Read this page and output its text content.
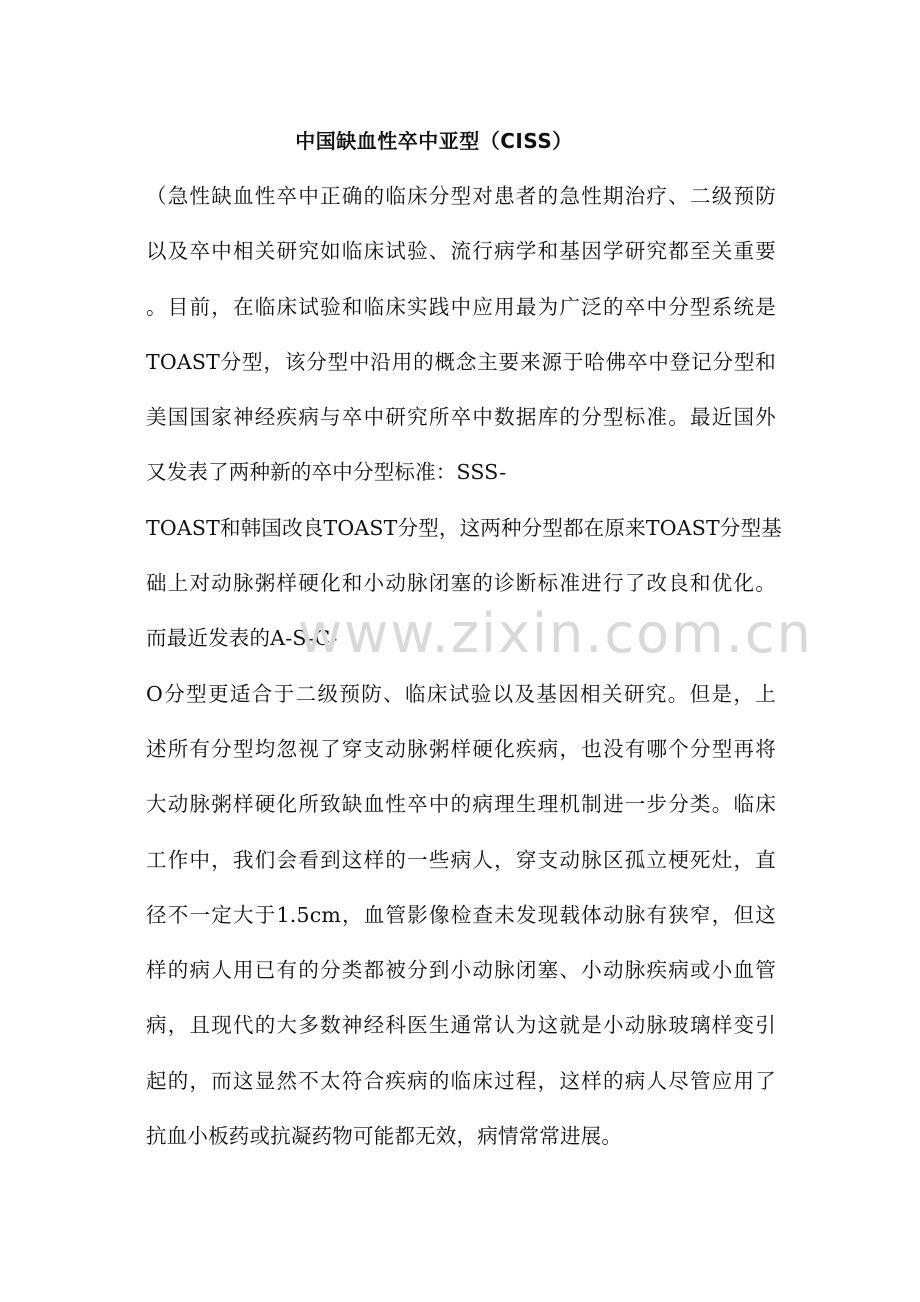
中国缺血性卒中亚型（CISS）
（急性缺血性卒中正确的临床分型对患者的急性期治疗、二级预防
以及卒中相关研究如临床试验、流行病学和基因学研究都至关重要
。目前，在临床试验和临床实践中应用最为广泛的卒中分型系统是
TOAST分型，该分型中沿用的概念主要来源于哈佛卒中登记分型和
美国国家神经疾病与卒中研究所卒中数据库的分型标准。最近国外
又发表了两种新的卒中分型标准：SSS-
TOAST和韩国改良TOAST分型，这两种分型都在原来TOAST分型基
础上对动脉粥样硬化和小动脉闭塞的诊断标准进行了改良和优化。
而最近发表的A-S-C-
O分型更适合于二级预防、临床试验以及基因相关研究。但是，上
述所有分型均忽视了穿支动脉粥样硬化疾病，也没有哪个分型再将
大动脉粥样硬化所致缺血性卒中的病理生理机制进一步分类。临床
工作中，我们会看到这样的一些病人，穿支动脉区孤立梗死灶，直
径不一定大于1.5cm，血管影像检查未发现载体动脉有狭窄，但这
样的病人用已有的分类都被分到小动脉闭塞、小动脉疾病或小血管
病，且现代的大多数神经科医生通常认为这就是小动脉玻璃样变引
起的，而这显然不太符合疾病的临床过程，这样的病人尽管应用了
抗血小板药或抗凝药物可能都无效，病情常常进展。
www.zixin.com.cn
